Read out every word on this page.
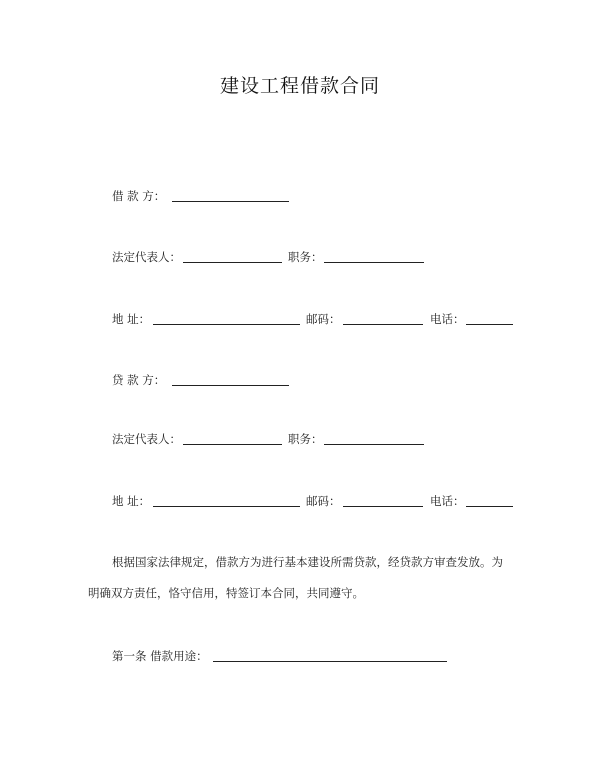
建设工程借款合同
借 款 方：
法定代表人：	职务：
地 址：	邮码：	电话：
贷 款 方：
法定代表人：	职务：
地 址：	邮码：	电话：
根据国家法律规定，借款方为进行基本建设所需贷款，经贷款方审查发放。为
明确双方责任，恪守信用，特签订本合同，共同遵守。
第一条 借款用途：
